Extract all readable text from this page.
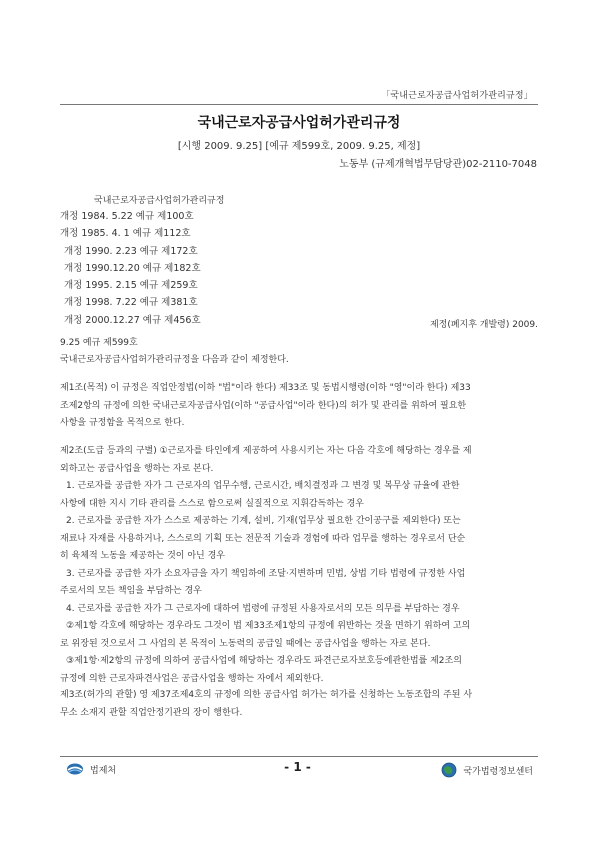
「국내근로자공급사업허가관리규정」
국내근로자공급사업허가관리규정
[시행 2009. 9.25] [예규 제599호, 2009. 9.25, 제정]
노동부 (규제개혁법무담당관)02-2110-7048
국내근로자공급사업허가관리규정
개정 1984. 5.22 예규 제100호
개정 1985. 4. 1 예규 제112호
개정 1990. 2.23 예규 제172호
개정 1990.12.20 예규 제182호
개정 1995. 2.15 예규 제259호
개정 1998. 7.22 예규 제381호
개정 2000.12.27 예규 제456호	제정(폐지후 개발령) 2009.
9.25 예규 제599호
국내근로자공급사업허가관리규정을 다음과 같이 제정한다.
제1조(목적) 이 규정은 직업안정법(이하 "법"이라 한다) 제33조 및 동법시행령(이하 "영"이라 한다) 제33
조제2항의 규정에 의한 국내근로자공급사업(이하 "공급사업"이라 한다)의 허가 및 관리를 위하여 필요한
사항을 규정함을 목적으로 한다.
제2조(도급 등과의 구별) ①근로자를 타인에게 제공하여 사용시키는 자는 다음 각호에 해당하는 경우를 제
외하고는 공급사업을 행하는 자로 본다.
1. 근로자를 공급한 자가 그 근로자의 업무수행, 근로시간, 배치결정과 그 변경 및 복무상 규율에 관한
사항에 대한 지시 기타 관리를 스스로 함으로써 실질적으로 지휘감독하는 경우
2. 근로자를 공급한 자가 스스로 제공하는 기계, 설비, 기재(업무상 필요한 간이공구를 제외한다) 또는
재료나 자재를 사용하거나, 스스로의 기획 또는 전문적 기술과 경험에 따라 업무를 행하는 경우로서 단순
히 육체적 노동을 제공하는 것이 아닌 경우
3. 근로자를 공급한 자가 소요자금을 자기 책임하에 조달·지변하며 민법, 상법 기타 법령에 규정한 사업
주로서의 모든 책임을 부담하는 경우
4. 근로자를 공급한 자가 그 근로자에 대하여 법령에 규정된 사용자로서의 모든 의무를 부담하는 경우
②제1항 각호에 해당하는 경우라도 그것이 법 제33조제1항의 규정에 위반하는 것을 면하기 위하여 고의
로 위장된 것으로서 그 사업의 본 목적이 노동력의 공급일 때에는 공급사업을 행하는 자로 본다.
③제1항·제2항의 규정에 의하여 공급사업에 해당하는 경우라도 파견근로자보호등에관한법률 제2조의
규정에 의한 근로자파견사업은 공급사업을 행하는 자에서 제외한다.
제3조(허가의 관할) 영 제37조제4호의 규정에 의한 공급사업 허가는 허가를 신청하는 노동조합의 주된 사
무소 소재지 관할 직업안정기관의 장이 행한다.
법제처	- 1 -	국가법령정보센터
